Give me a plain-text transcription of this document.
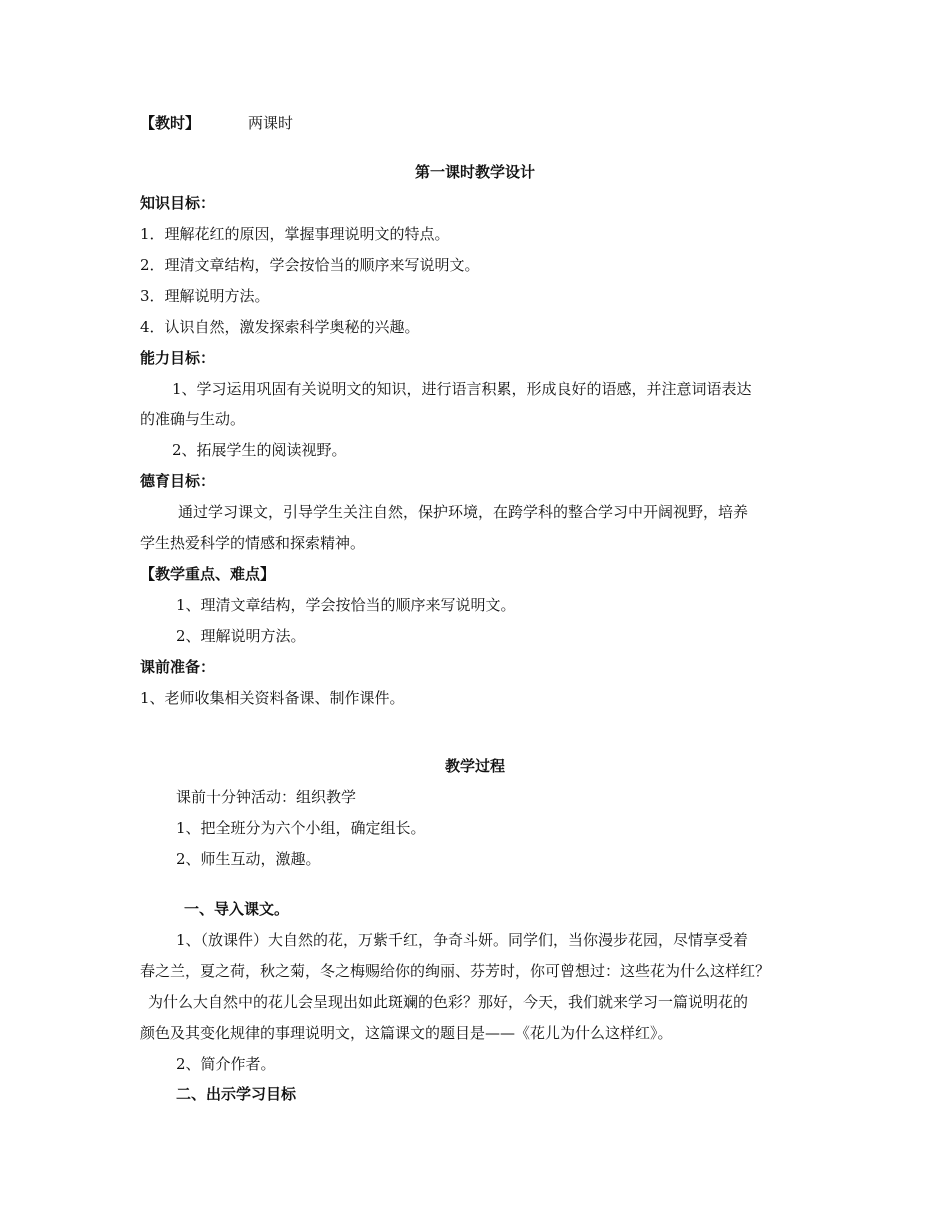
【教时】	两课时
第一课时教学设计
知识目标：
1．理解花红的原因，掌握事理说明文的特点。
2．理清文章结构，学会按恰当的顺序来写说明文。
3．理解说明方法。
4．认识自然，激发探索科学奥秘的兴趣。
能力目标：
1、学习运用巩固有关说明文的知识，进行语言积累，形成良好的语感，并注意词语表达
的准确与生动。
2、拓展学生的阅读视野。
德育目标：
通过学习课文，引导学生关注自然，保护环境，在跨学科的整合学习中开阔视野，培养
学生热爱科学的情感和探索精神。
【教学重点、难点】
1、理清文章结构，学会按恰当的顺序来写说明文。
2、理解说明方法。
课前准备：
1、老师收集相关资料备课、制作课件。
教学过程
课前十分钟活动：组织教学
1、把全班分为六个小组，确定组长。
2、师生互动，激趣。
一、导入课文。
1、（放课件）大自然的花，万紫千红，争奇斗妍。同学们，当你漫步花园，尽情享受着
春之兰，夏之荷，秋之菊，冬之梅赐给你的绚丽、芬芳时，你可曾想过：这些花为什么这样红？
为什么大自然中的花儿会呈现出如此斑斓的色彩？那好，今天，我们就来学习一篇说明花的
颜色及其变化规律的事理说明文，这篇课文的题目是——《花儿为什么这样红》。
2、简介作者。
二、出示学习目标
